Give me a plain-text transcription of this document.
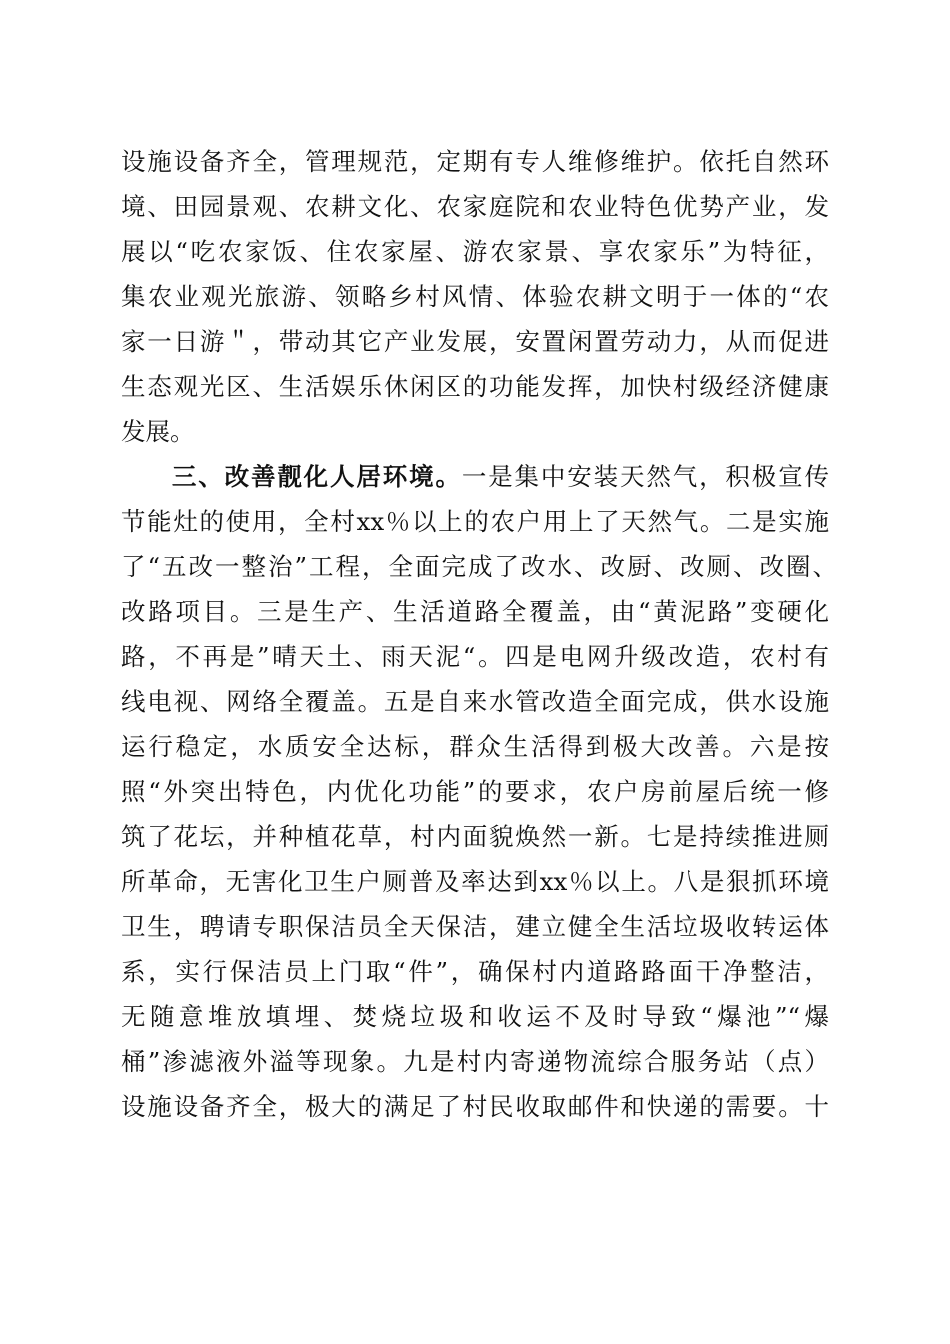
设施设备齐全，管理规范，定期有专人维修维护。依托自然环
境、田园景观、农耕文化、农家庭院和农业特色优势产业，发
展以“吃农家饭、住农家屋、游农家景、享农家乐”为特征，
集农业观光旅游、领略乡村风情、体验农耕文明于一体的“农
家一日游＂，带动其它产业发展，安置闲置劳动力，从而促进
生态观光区、生活娱乐休闲区的功能发挥，加快村级经济健康
发展。
三、改善靓化人居环境。一是集中安装天然气，积极宣传
节能灶的使用，全村xx％以上的农户用上了天然气。二是实施
了“五改一整治”工程，全面完成了改水、改厨、改厕、改圈、
改路项目。三是生产、生活道路全覆盖，由“黄泥路”变硬化
路，不再是”晴天土、雨天泥“。四是电网升级改造，农村有
线电视、网络全覆盖。五是自来水管改造全面完成，供水设施
运行稳定，水质安全达标，群众生活得到极大改善。六是按
照“外突出特色，内优化功能”的要求，农户房前屋后统一修
筑了花坛，并种植花草，村内面貌焕然一新。七是持续推进厕
所革命，无害化卫生户厕普及率达到xx％以上。八是狠抓环境
卫生，聘请专职保洁员全天保洁，建立健全生活垃圾收转运体
系，实行保洁员上门取“件”，确保村内道路路面干净整洁，
无随意堆放填埋、焚烧垃圾和收运不及时导致“爆池”“爆
桶”渗滤液外溢等现象。九是村内寄递物流综合服务站（点）
设施设备齐全，极大的满足了村民收取邮件和快递的需要。十
